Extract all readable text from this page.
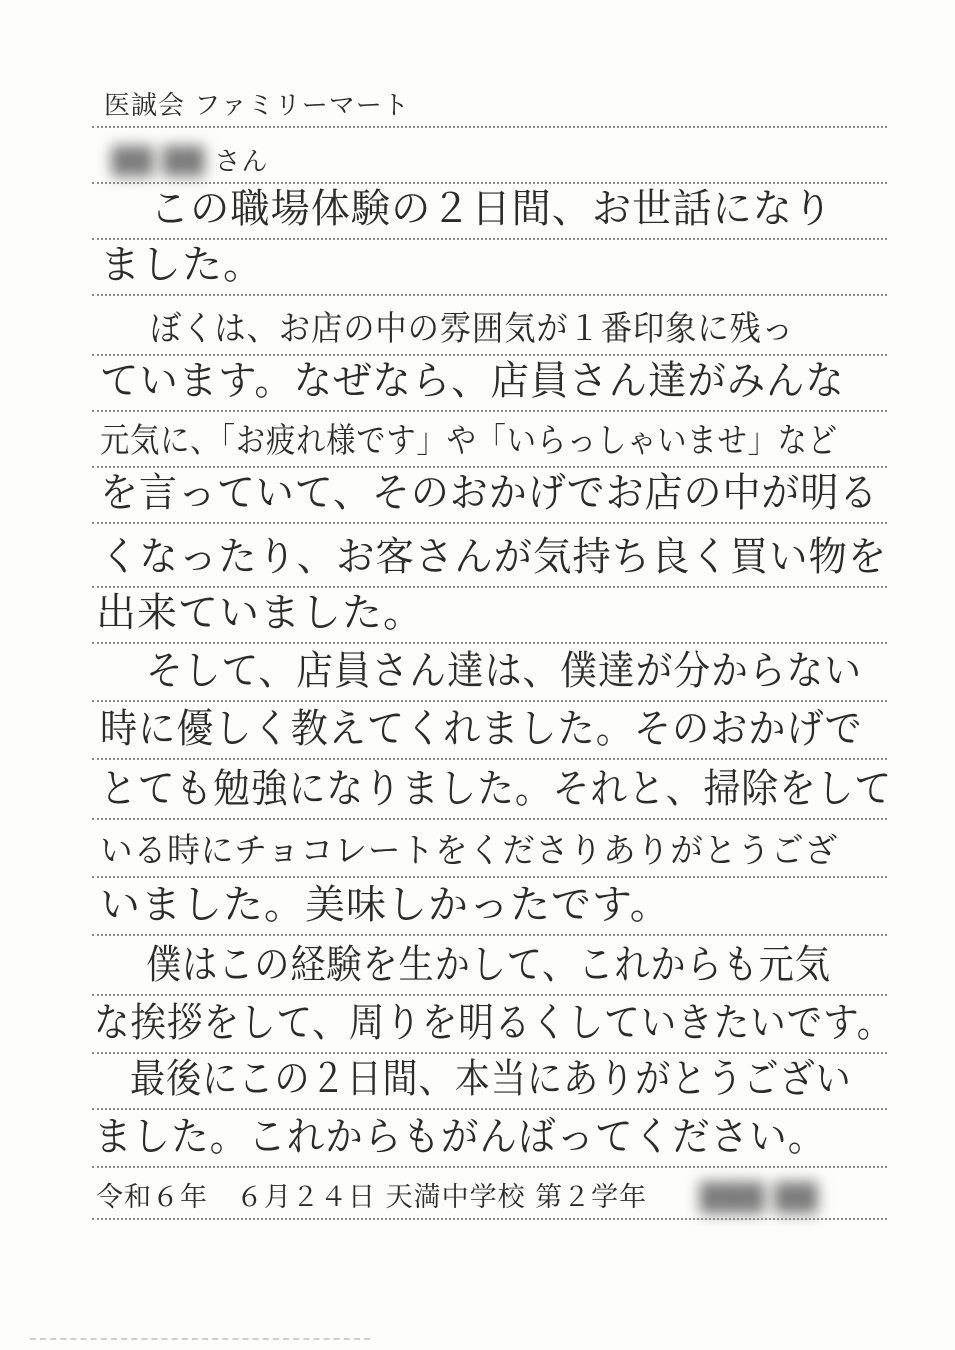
医誠会 ファミリーマート
██ ██ さん
この職場体験の２日間、お世話になり
ました。
ぼくは、お店の中の雰囲気が１番印象に残っ
ています。なぜなら、店員さん達がみんな
元気に、「お疲れ様です」や「いらっしゃいませ」など
を言っていて、そのおかげでお店の中が明る
くなったり、お客さんが気持ち良く買い物を
出来ていました。
そして、店員さん達は、僕達が分からない
時に優しく教えてくれました。そのおかげで
とても勉強になりました。それと、掃除をして
いる時にチョコレートをくださりありがとうござ
いました。美味しかったです。
僕はこの経験を生かして、これからも元気
な挨拶をして、周りを明るくしていきたいです。
最後にこの２日間、本当にありがとうござい
ました。これからもがんばってください。
令和６年　６月２４日 天満中学校 第２学年 ███ ██
